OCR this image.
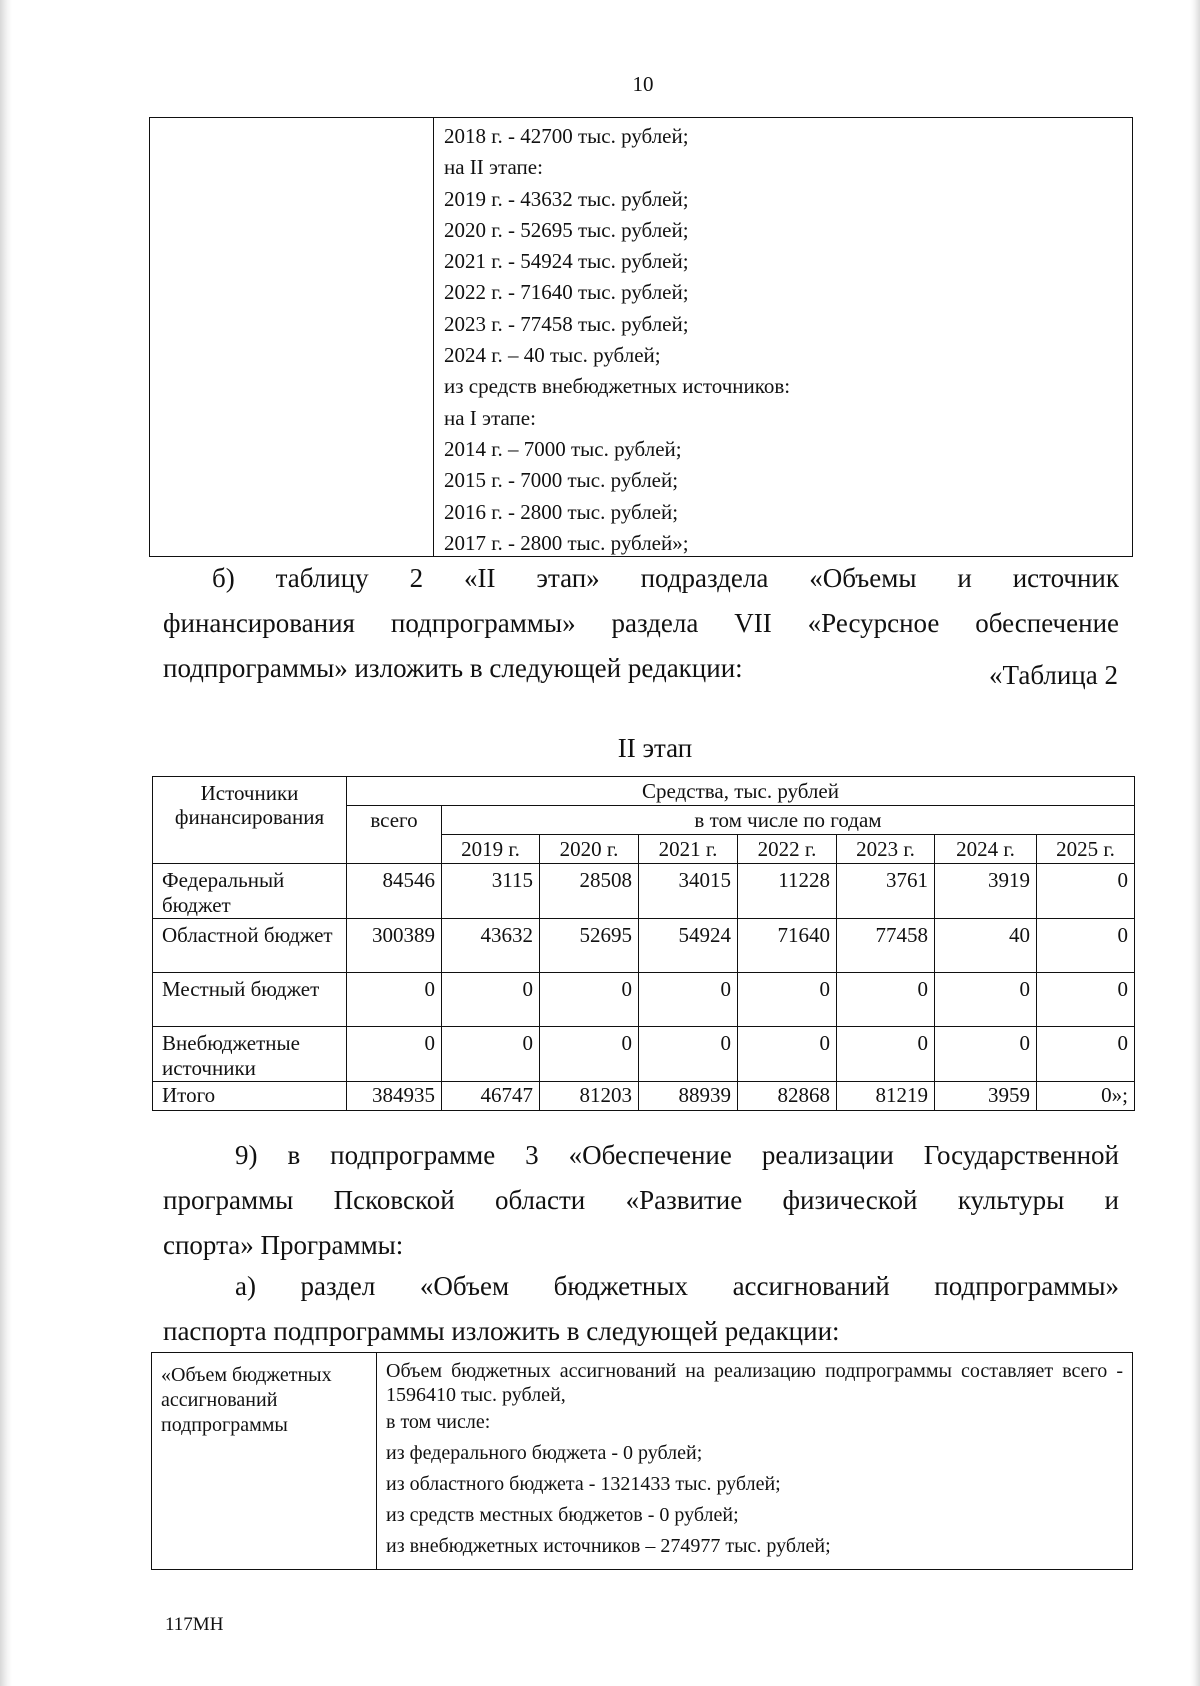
10
2018 г. - 42700 тыс. рублей;
на II этапе:
2019 г. - 43632 тыс. рублей;
2020 г. - 52695 тыс. рублей;
2021 г. - 54924 тыс. рублей;
2022 г. - 71640 тыс. рублей;
2023 г. - 77458 тыс. рублей;
2024 г. – 40 тыс. рублей;
из средств внебюджетных источников:
на I этапе:
2014 г. – 7000 тыс. рублей;
2015 г. - 7000 тыс. рублей;
2016 г. - 2800 тыс. рублей;
2017 г. - 2800 тыс. рублей»;
б) таблицу 2 «II этап» подраздела «Объемы и источник
финансирования подпрограммы» раздела VII «Ресурсное обеспечение
подпрограммы» изложить в следующей редакции:	«Таблица 2
II этап
Источники финансирования	Средства, тыс. рублей							
	всего	в том числе по годам						
		2019 г.	2020 г.	2021 г.	2022 г.	2023 г.	2024 г.	2025 г.
Федеральный бюджет	84546	3115	28508	34015	11228	3761	3919	0
Областной бюджет	300389	43632	52695	54924	71640	77458	40	0
Местный бюджет	0	0	0	0	0	0	0	0
Внебюджетные источники	0	0	0	0	0	0	0	0
Итого	384935	46747	81203	88939	82868	81219	3959	0»;
9) в подпрограмме 3 «Обеспечение реализации Государственной
программы Псковской области «Развитие физической культуры и
спорта» Программы:
а) раздел «Объем бюджетных ассигнований подпрограммы»
паспорта подпрограммы изложить в следующей редакции:
«Объем бюджетных ассигнований подпрограммы
Объем бюджетных ассигнований на реализацию подпрограммы составляет всего - 1596410 тыс. рублей,
в том числе:
из федерального бюджета - 0 рублей;
из областного бюджета - 1321433 тыс. рублей;
из средств местных бюджетов - 0 рублей;
из внебюджетных источников – 274977 тыс. рублей;
117МН
